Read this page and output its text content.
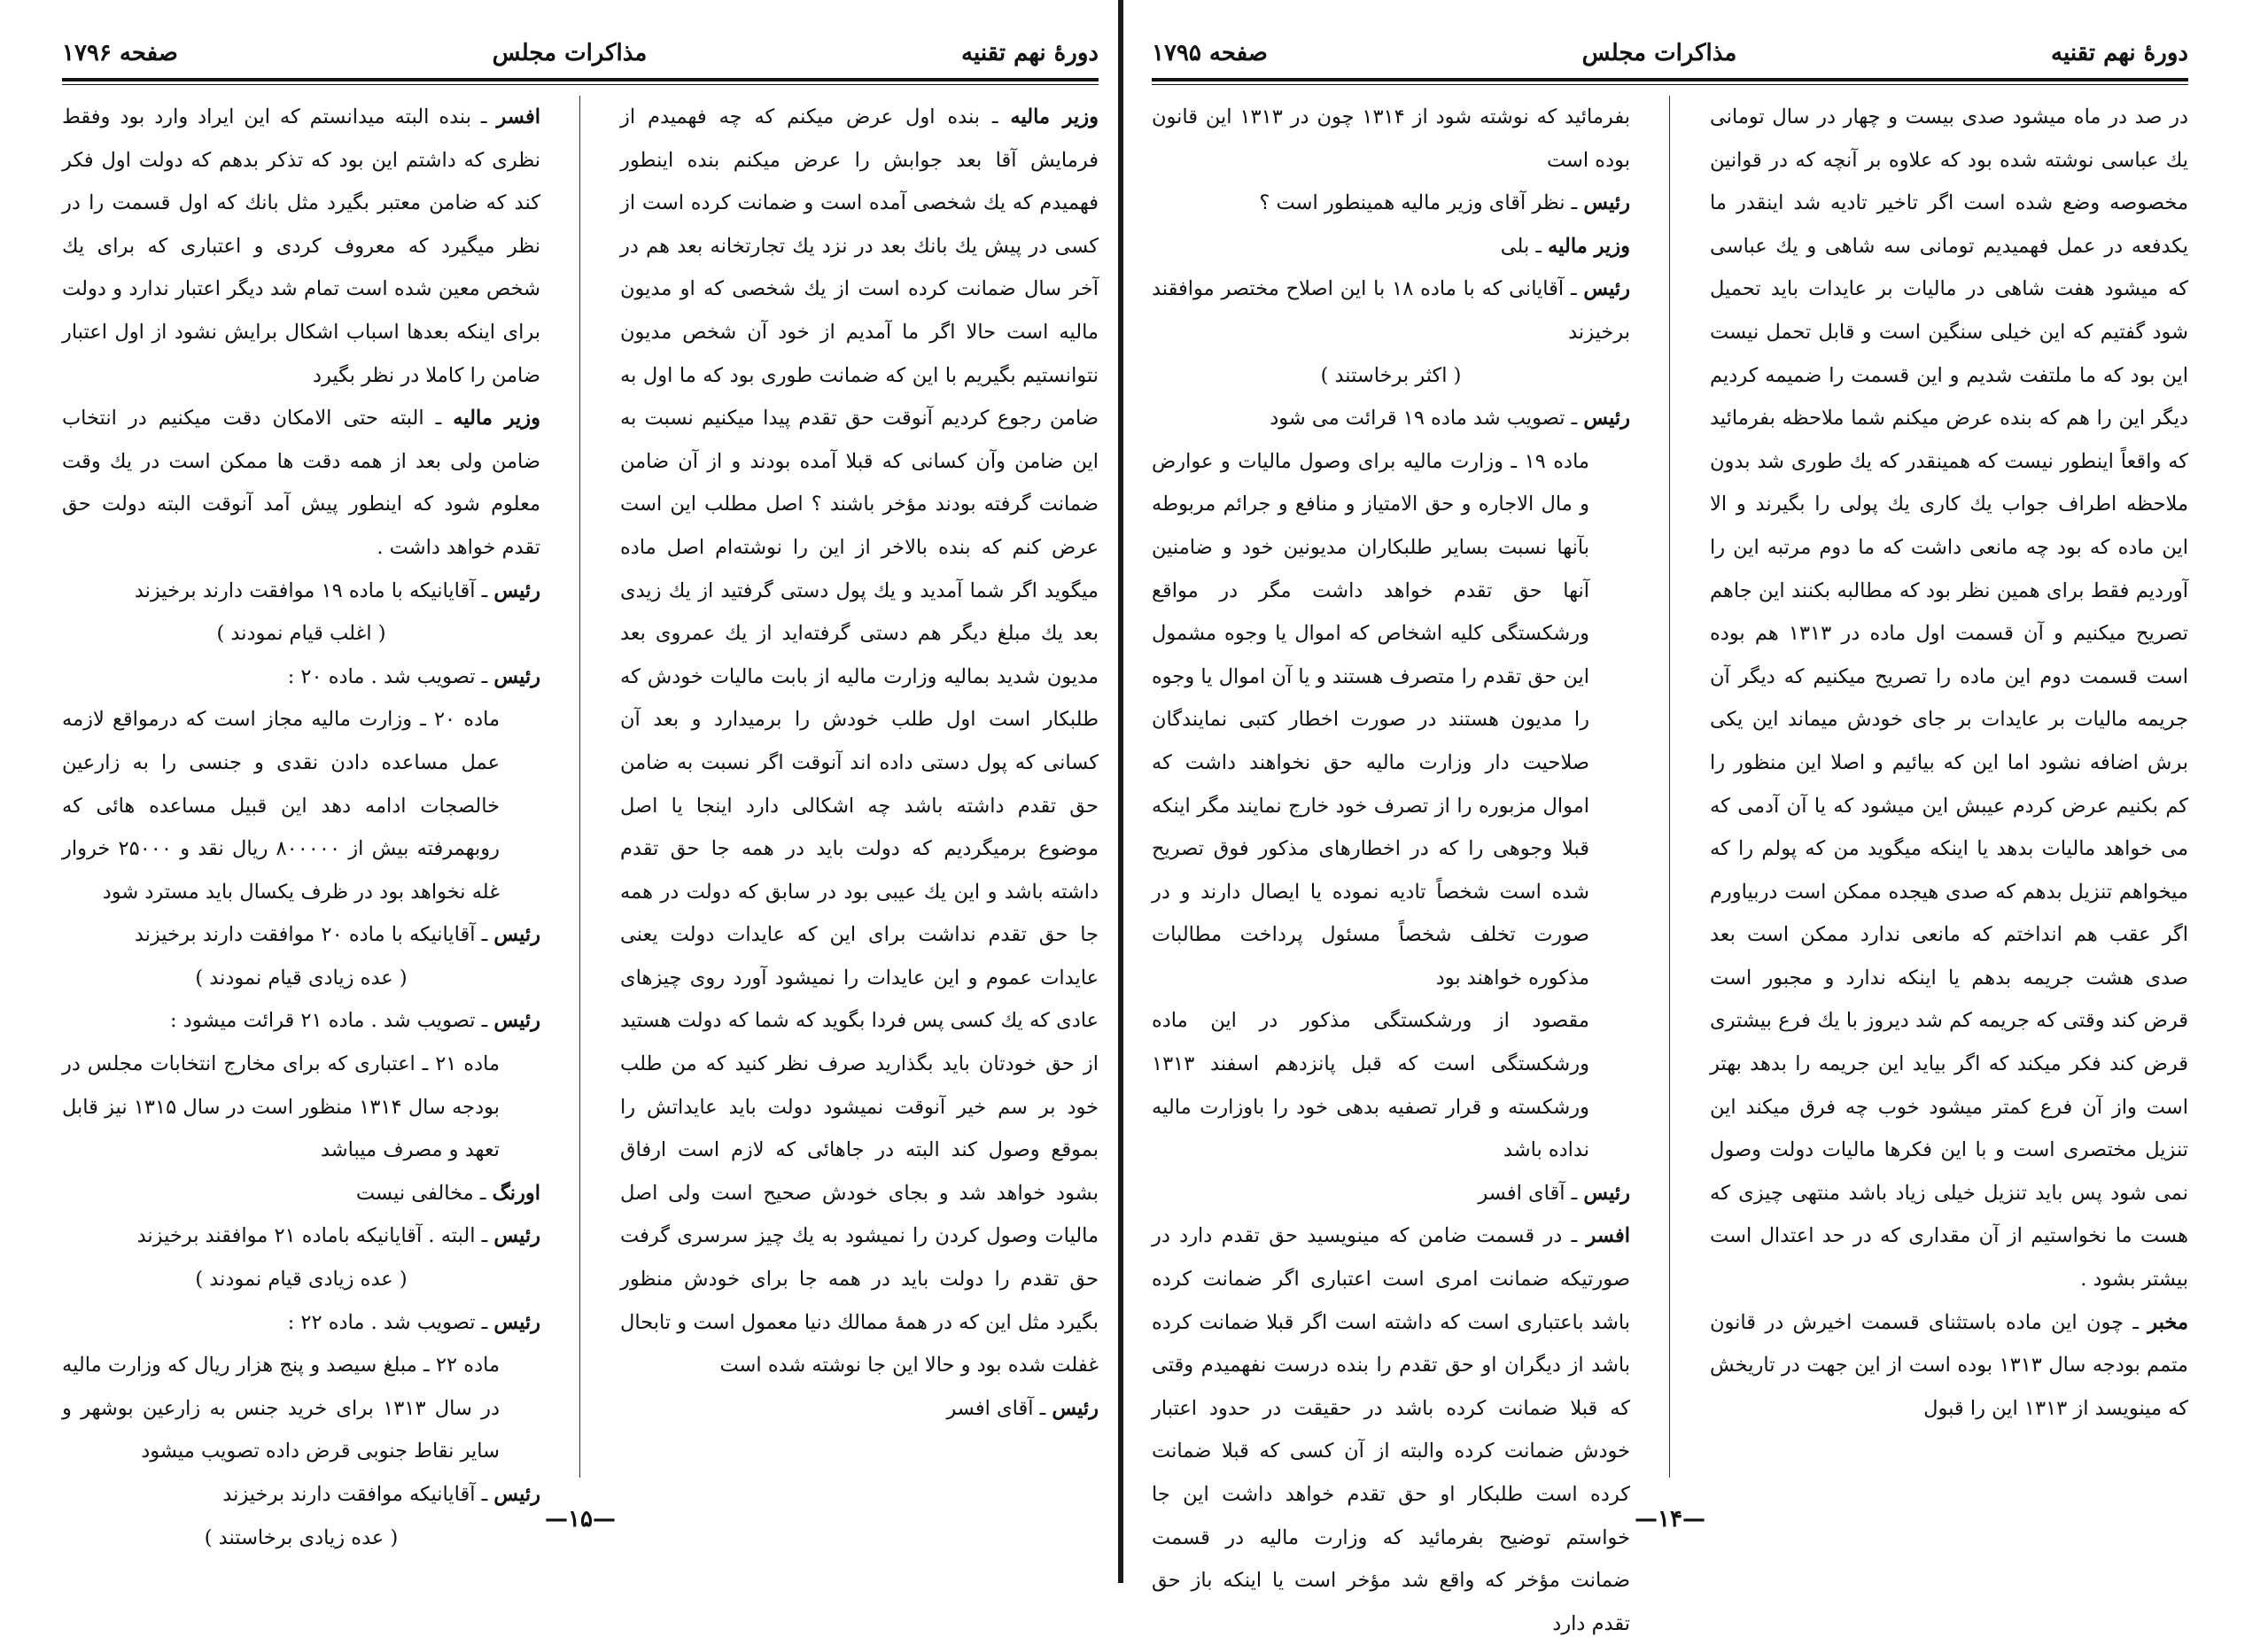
دورهٔ نهم تقنیه
مذاکرات مجلس
صفحه ۱۷۹۶

وزیر مالیه ـ بنده اول عرض میکنم که چه فهمیدم از فرمایش آقا بعد جوابش را عرض میکنم بنده اینطور فهمیدم که یك شخصی آمده است و ضمانت کرده است از کسی در پیش یك بانك بعد در نزد یك تجارتخانه بعد هم در آخر سال ضمانت کرده است از یك شخصی که او مدیون مالیه است حالا اگر ما آمدیم از خود آن شخص مدیون نتوانستیم بگیریم با این که ضمانت طوری بود که ما اول به ضامن رجوع کردیم آنوقت حق تقدم پیدا میکنیم نسبت به این ضامن وآن کسانی که قبلا آمده بودند و از آن ضامن ضمانت گرفته بودند مؤخر باشند ؟ اصل مطلب این است عرض کنم که بنده بالاخر از این را نوشته‌ام اصل ماده میگوید اگر شما آمدید و یك پول دستی گرفتید از یك زیدی بعد یك مبلغ دیگر هم دستی گرفته‌اید از یك عمروی بعد مدیون شدید بمالیه وزارت مالیه از بابت مالیات خودش که طلبکار است اول طلب خودش را برمیدارد و بعد آن کسانی که پول دستی داده اند آنوقت اگر نسبت به ضامن حق تقدم داشته باشد چه اشکالی دارد اینجا یا اصل موضوع برمیگردیم که دولت باید در همه جا حق تقدم داشته باشد و این یك عیبی بود در سابق که دولت در همه جا حق تقدم نداشت برای این که عایدات دولت یعنی عایدات عموم و این عایدات را نمیشود آورد روی چیزهای عادی که یك کسی پس فردا بگوید که شما که دولت هستید از حق خودتان باید بگذارید صرف نظر کنید که من طلب خود بر سم خیر آنوقت نمیشود دولت باید عایداتش را بموقع وصول کند البته در جاهائی که لازم است ارفاق بشود خواهد شد و بجای خودش صحیح است ولی اصل مالیات وصول کردن را نمیشود به یك چیز سرسری گرفت حق تقدم را دولت باید در همه جا برای خودش منظور بگیرد مثل این که در همهٔ ممالك دنیا معمول است و تابحال غفلت شده بود و حالا این جا نوشته شده است

رئیس ـ آقای افسر

افسر ـ بنده البته میدانستم که این ایراد وارد بود وفقط نظری که داشتم این بود که تذکر بدهم که دولت اول فکر کند که ضامن معتبر بگیرد مثل بانك که اول قسمت را در نظر میگیرد که معروف کردی و اعتباری که برای یك شخص معین شده است تمام شد دیگر اعتبار ندارد و دولت برای اینکه بعدها اسباب اشکال برایش نشود از اول اعتبار ضامن را کاملا در نظر بگیرد

وزیر مالیه ـ البته حتی الامکان دقت میکنیم در انتخاب ضامن ولی بعد از همه دقت ها ممکن است در یك وقت معلوم شود که اینطور پیش آمد آنوقت البته دولت حق تقدم خواهد داشت .

رئیس ـ آقایانیکه با ماده ۱۹ موافقت دارند برخیزند

( اغلب قیام نمودند )

رئیس ـ تصویب شد . ماده ۲۰ :

ماده ۲۰ ـ وزارت مالیه مجاز است که درمواقع لازمه عمل مساعده دادن نقدی و جنسی را به زارعین خالصجات ادامه دهد این قبیل مساعده هائی که روبهمرفته بیش از ۸۰۰۰۰۰ ریال نقد و ۲۵۰۰۰ خروار غله نخواهد بود در ظرف یکسال باید مسترد شود

رئیس ـ آقایانیکه با ماده ۲۰ موافقت دارند برخیزند

( عده زیادی قیام نمودند )

رئیس ـ تصویب شد . ماده ۲۱ قرائت میشود :

ماده ۲۱ ـ اعتباری که برای مخارج انتخابات مجلس در بودجه سال ۱۳۱۴ منظور است در سال ۱۳۱۵ نیز قابل تعهد و مصرف میباشد

اورنگ ـ مخالفی نیست

رئیس ـ البته . آقایانیکه باماده ۲۱ موافقند برخیزند

( عده زیادی قیام نمودند )

رئیس ـ تصویب شد . ماده ۲۲ :

ماده ۲۲ ـ مبلغ سیصد و پنج هزار ریال که وزارت مالیه در سال ۱۳۱۳ برای خرید جنس به زارعین بوشهر و سایر نقاط جنوبی قرض داده تصویب میشود

رئیس ـ آقایانیکه موافقت دارند برخیزند

( عده زیادی برخاستند )

—۱۵—
دورهٔ نهم تقنیه
مذاکرات مجلس
صفحه ۱۷۹۵

در صد در ماه میشود صدی بیست و چهار در سال تومانی یك عباسی نوشته شده بود که علاوه بر آنچه که در قوانین مخصوصه وضع شده است اگر تاخیر تادیه شد اینقدر ما یکدفعه در عمل فهمیدیم تومانی سه شاهی و یك عباسی که میشود هفت شاهی در مالیات بر عایدات باید تحمیل شود گفتیم که این خیلی سنگین است و قابل تحمل نیست این بود که ما ملتفت شدیم و این قسمت را ضمیمه کردیم دیگر این را هم که بنده عرض میکنم شما ملاحظه بفرمائید که واقعاً اینطور نیست که همینقدر که یك طوری شد بدون ملاحظه اطراف جواب یك کاری یك پولی را بگیرند و الا این ماده که بود چه مانعی داشت که ما دوم مرتبه این را آوردیم فقط برای همین نظر بود که مطالبه بکنند این جاهم تصریح میکنیم و آن قسمت اول ماده در ۱۳۱۳ هم بوده است قسمت دوم این ماده را تصریح میکنیم که دیگر آن جریمه مالیات بر عایدات بر جای خودش میماند این یکی برش اضافه نشود اما این که بیائیم و اصلا این منظور را کم بکنیم عرض کردم عیبش این میشود که یا آن آدمی که می خواهد مالیات بدهد یا اینکه میگوید من که پولم را که میخواهم تنزیل بدهم که صدی هیجده ممکن است دربیاورم اگر عقب هم انداختم که مانعی ندارد ممکن است بعد صدی هشت جریمه بدهم یا اینکه ندارد و مجبور است قرض کند وقتی که جریمه کم شد دیروز با یك فرع بیشتری قرض کند فکر میکند که اگر بیاید این جریمه را بدهد بهتر است واز آن فرع کمتر میشود خوب چه فرق میکند این تنزیل مختصری است و با این فکرها مالیات دولت وصول نمی شود پس باید تنزیل خیلی زیاد باشد منتهی چیزی که هست ما نخواستیم از آن مقداری که در حد اعتدال است بیشتر بشود .

مخبر ـ چون این ماده باستثنای قسمت اخیرش در قانون متمم بودجه سال ۱۳۱۳ بوده است از این جهت در تاریخش که مینویسد از ۱۳۱۳ این را قبول

بفرمائید که نوشته شود از ۱۳۱۴ چون در ۱۳۱۳ این قانون بوده است

رئیس ـ نظر آقای وزیر مالیه همینطور است ؟

وزیر مالیه ـ بلی

رئیس ـ آقایانی که با ماده ۱۸ با این اصلاح مختصر موافقند برخیزند

( اکثر برخاستند )

رئیس ـ تصویب شد ماده ۱۹ قرائت می شود

ماده ۱۹ ـ وزارت مالیه برای وصول مالیات و عوارض و مال الاجاره و حق الامتیاز و منافع و جرائم مربوطه بآنها نسبت بسایر طلبکاران مدیونین خود و ضامنین آنها حق تقدم خواهد داشت مگر در مواقع ورشکستگی کلیه اشخاص که اموال یا وجوه مشمول این حق تقدم را متصرف هستند و یا آن اموال یا وجوه را مدیون هستند در صورت اخطار کتبی نمایندگان صلاحیت دار وزارت مالیه حق نخواهند داشت که اموال مزبوره را از تصرف خود خارج نمایند مگر اینکه قبلا وجوهی را که در اخطارهای مذکور فوق تصریح شده است شخصاً تادیه نموده یا ایصال دارند و در صورت تخلف شخصاً مسئول پرداخت مطالبات مذکوره خواهند بود

مقصود از ورشکستگی مذکور در این ماده ورشکستگی است که قبل پانزدهم اسفند ۱۳۱۳ ورشکسته و قرار تصفیه بدهی خود را باوزارت مالیه نداده باشد

رئیس ـ آقای افسر

افسر ـ در قسمت ضامن که مینویسید حق تقدم دارد در صورتیکه ضمانت امری است اعتباری اگر ضمانت کرده باشد باعتباری است که داشته است اگر قبلا ضمانت کرده باشد از دیگران او حق تقدم را بنده درست نفهمیدم وقتی که قبلا ضمانت کرده باشد در حقیقت در حدود اعتبار خودش ضمانت کرده والبته از آن کسی که قبلا ضمانت کرده است طلبکار او حق تقدم خواهد داشت این جا خواستم توضیح بفرمائید که وزارت مالیه در قسمت ضمانت مؤخر که واقع شد مؤخر است یا اینکه باز حق تقدم دارد

—۱۴—
